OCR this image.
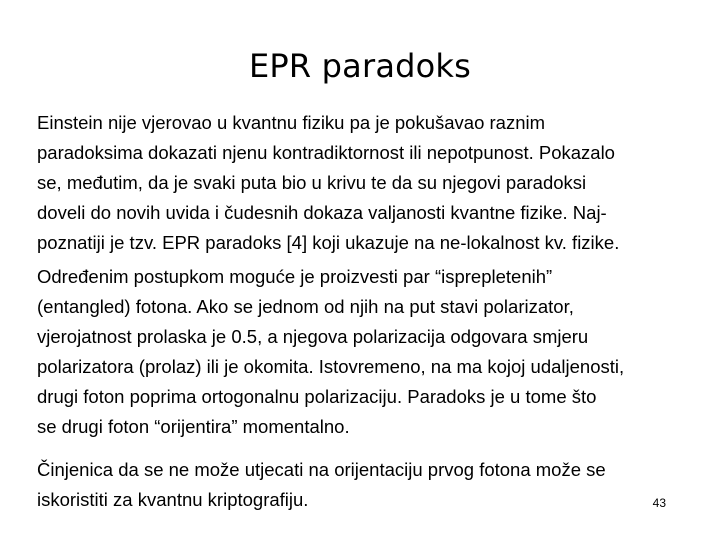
EPR paradoks

Einstein nije vjerovao u kvantnu fiziku pa je pokušavao raznim
paradoksima dokazati njenu kontradiktornost ili nepotpunost. Pokazalo
se, međutim, da je svaki puta bio u krivu te da su njegovi paradoksi
doveli do novih uvida i čudesnih dokaza valjanosti kvantne fizike. Naj-
poznatiji je tzv. EPR paradoks [4] koji ukazuje na ne-lokalnost kv. fizike.

Određenim postupkom moguće je proizvesti par “isprepletenih”
(entangled) fotona. Ako se jednom od njih na put stavi polarizator,
vjerojatnost prolaska je 0.5, a njegova polarizacija odgovara smjeru
polarizatora (prolaz) ili je okomita. Istovremeno, na ma kojoj udaljenosti,
drugi foton poprima ortogonalnu polarizaciju. Paradoks je u tome što
se drugi foton “orijentira” momentalno.

Činjenica da se ne može utjecati na orijentaciju prvog fotona može se
iskoristiti za kvantnu kriptografiju.	43
